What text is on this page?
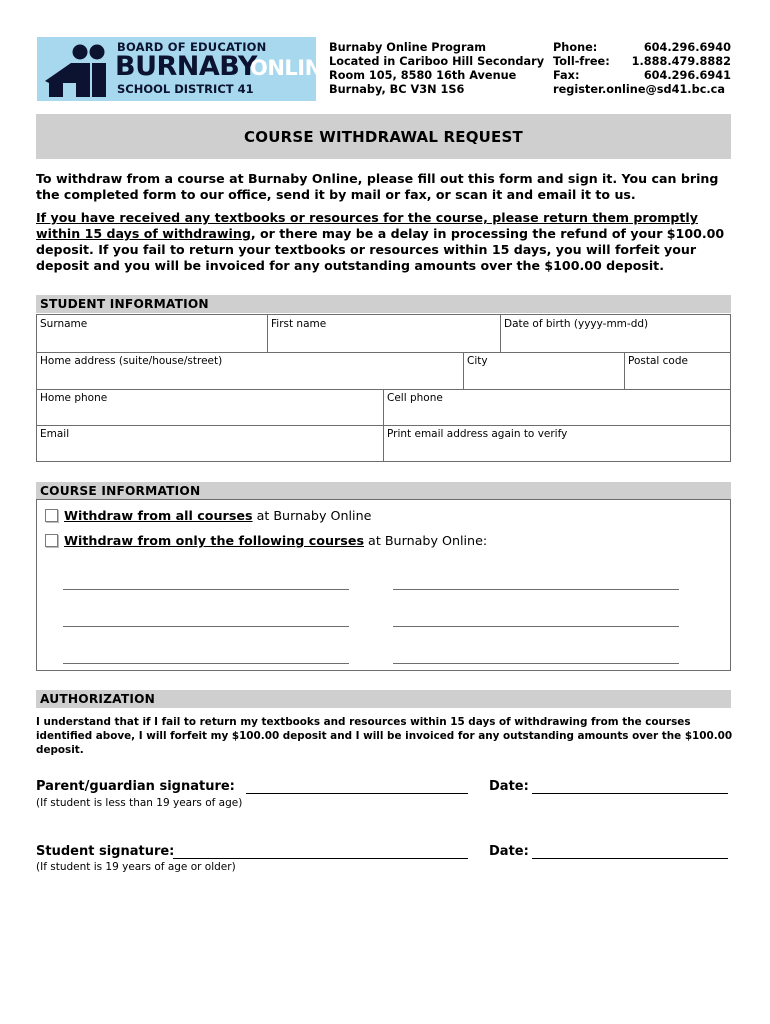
BOARD OF EDUCATION
BURNABY
ONLINE
SCHOOL DISTRICT 41
Burnaby Online Program
Located in Cariboo Hill Secondary
Room 105, 8580 16th Avenue
Burnaby, BC V3N 1S6
Phone:	604.296.6940
Toll-free: 1.888.479.8882
Fax:	604.296.6941
register.online@sd41.bc.ca
COURSE WITHDRAWAL REQUEST
To withdraw from a course at Burnaby Online, please fill out this form and sign it. You can bring the completed form to our office, send it by mail or fax, or scan it and email it to us.
If you have received any textbooks or resources for the course, please return them promptly within 15 days of withdrawing, or there may be a delay in processing the refund of your $100.00 deposit. If you fail to return your textbooks or resources within 15 days, you will forfeit your deposit and you will be invoiced for any outstanding amounts over the $100.00 deposit.
STUDENT INFORMATION
Surname	First name	Date of birth (yyyy-mm-dd)
Home address (suite/house/street)	City	Postal code
Home phone	Cell phone
Email	Print email address again to verify
COURSE INFORMATION
Withdraw from all courses at Burnaby Online
Withdraw from only the following courses at Burnaby Online:
AUTHORIZATION
I understand that if I fail to return my textbooks and resources within 15 days of withdrawing from the courses identified above, I will forfeit my $100.00 deposit and I will be invoiced for any outstanding amounts over the $100.00 deposit.
Parent/guardian signature:
(If student is less than 19 years of age)
Date:
Student signature:
(If student is 19 years of age or older)
Date:
